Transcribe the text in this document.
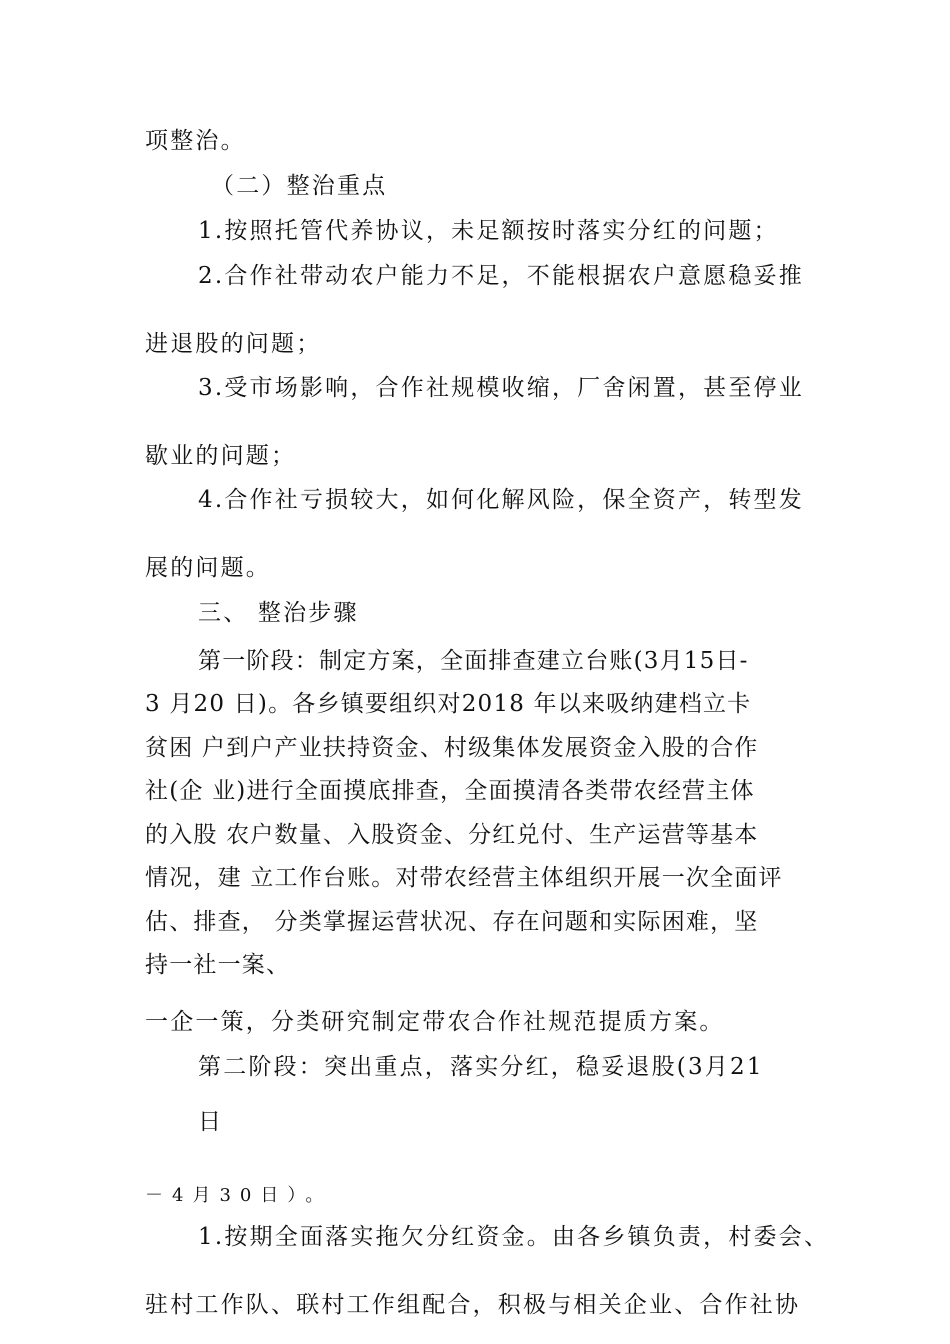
项整治。
（二）整治重点
1.按照托管代养协议，未足额按时落实分红的问题；
2.合作社带动农户能力不足，不能根据农户意愿稳妥推
进退股的问题；
3.受市场影响，合作社规模收缩，厂舍闲置，甚至停业
歇业的问题；
4.合作社亏损较大，如何化解风险，保全资产，转型发
展的问题。
三、 整治步骤
第一阶段：制定方案，全面排查建立台账(3月15日-
3 月20 日)。各乡镇要组织对2018 年以来吸纳建档立卡
贫困 户到户产业扶持资金、村级集体发展资金入股的合作
社(企 业)进行全面摸底排查，全面摸清各类带农经营主体
的入股 农户数量、入股资金、分红兑付、生产运营等基本
情况，建 立工作台账。对带农经营主体组织开展一次全面评
估、排查， 分类掌握运营状况、存在问题和实际困难，坚
持一社一案、
一企一策，分类研究制定带农合作社规范提质方案。
第二阶段：突出重点，落实分红，稳妥退股(3月21
日
－4月30日）。
1.按期全面落实拖欠分红资金。由各乡镇负责，村委会、
驻村工作队、联村工作组配合，积极与相关企业、合作社协
